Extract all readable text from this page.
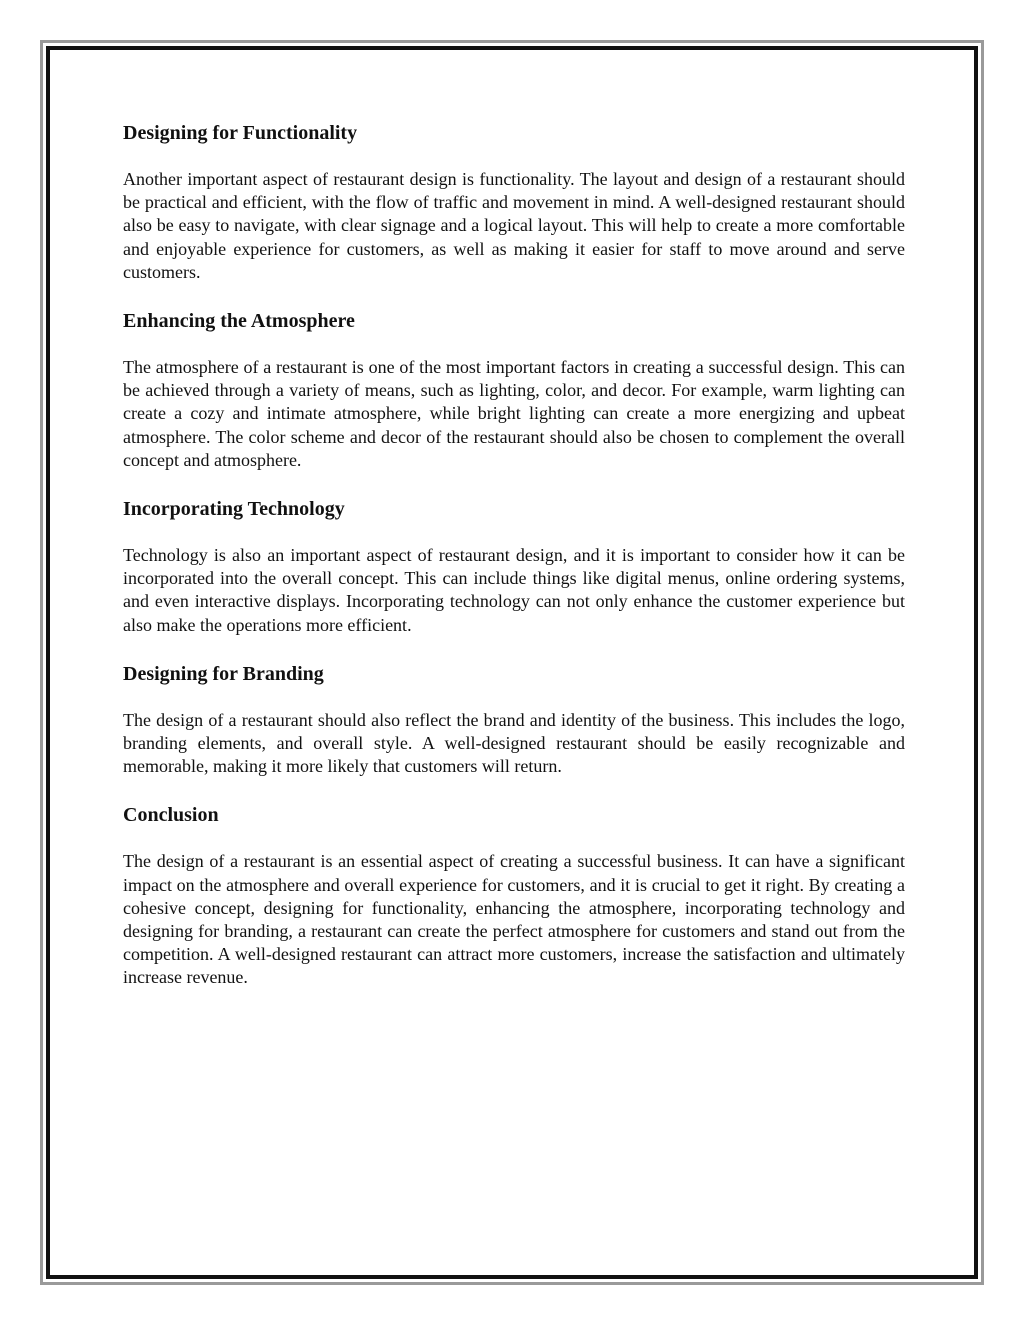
Designing for Functionality

Another important aspect of restaurant design is functionality. The layout and design of a restaurant should be practical and efficient, with the flow of traffic and movement in mind. A well-designed restaurant should also be easy to navigate, with clear signage and a logical layout. This will help to create a more comfortable and enjoyable experience for customers, as well as making it easier for staff to move around and serve customers.

Enhancing the Atmosphere

The atmosphere of a restaurant is one of the most important factors in creating a successful design. This can be achieved through a variety of means, such as lighting, color, and decor. For example, warm lighting can create a cozy and intimate atmosphere, while bright lighting can create a more energizing and upbeat atmosphere. The color scheme and decor of the restaurant should also be chosen to complement the overall concept and atmosphere.

Incorporating Technology

Technology is also an important aspect of restaurant design, and it is important to consider how it can be incorporated into the overall concept. This can include things like digital menus, online ordering systems, and even interactive displays. Incorporating technology can not only enhance the customer experience but also make the operations more efficient.

Designing for Branding

The design of a restaurant should also reflect the brand and identity of the business. This includes the logo, branding elements, and overall style. A well-designed restaurant should be easily recognizable and memorable, making it more likely that customers will return.

Conclusion

The design of a restaurant is an essential aspect of creating a successful business. It can have a significant impact on the atmosphere and overall experience for customers, and it is crucial to get it right. By creating a cohesive concept, designing for functionality, enhancing the atmosphere, incorporating technology and designing for branding, a restaurant can create the perfect atmosphere for customers and stand out from the competition. A well-designed restaurant can attract more customers, increase the satisfaction and ultimately increase revenue.
